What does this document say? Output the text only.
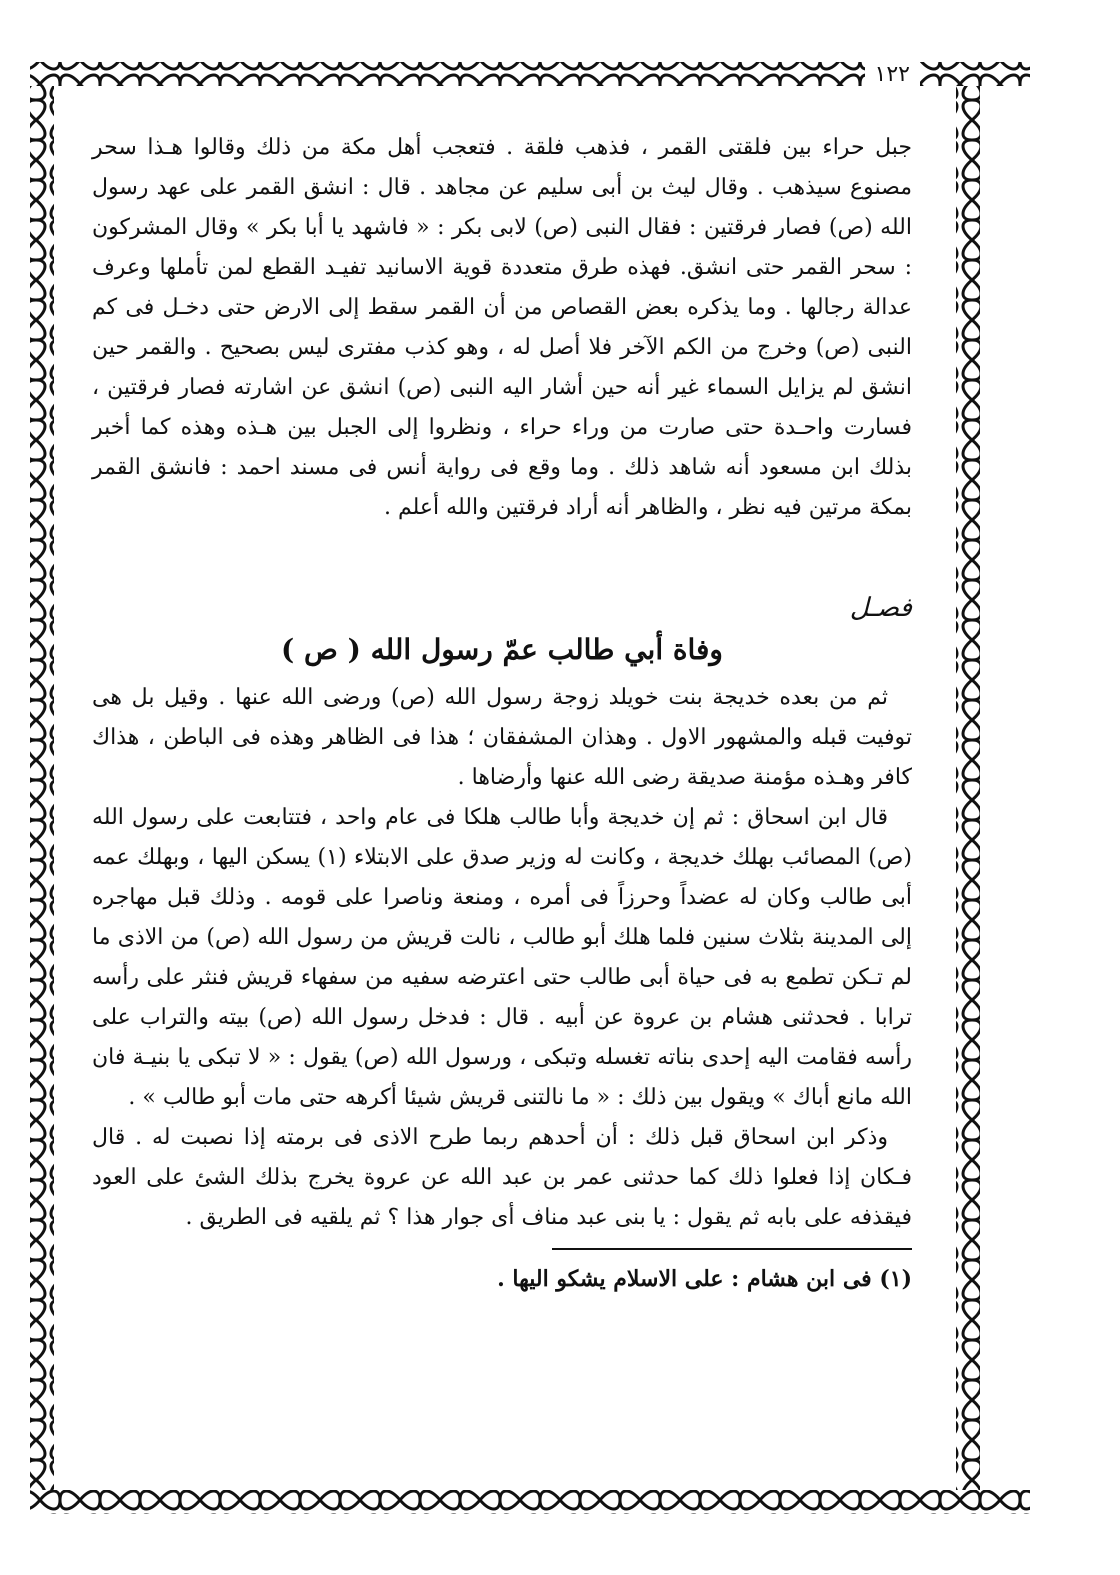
١٢٢

جبل حراء بين فلقتى القمر ، فذهب فلقة . فتعجب أهل مكة من ذلك وقالوا هـذا سحر مصنوع سيذهب . وقال ليث بن أبى سليم عن مجاهد . قال : انشق القمر على عهد رسول الله (ص) فصار فرقتين : فقال النبى (ص) لابى بكر : « فاشهد يا أبا بكر » وقال المشركون : سحر القمر حتى انشق. فهذه طرق متعددة قوية الاسانيد تفيـد القطع لمن تأملها وعرف عدالة رجالها . وما يذكره بعض القصاص من أن القمر سقط إلى الارض حتى دخـل فى كم النبى (ص) وخرج من الكم الآخر فلا أصل له ، وهو كذب مفترى ليس بصحيح . والقمر حين انشق لم يزايل السماء غير أنه حين أشار اليه النبى (ص) انشق عن اشارته فصار فرقتين ، فسارت واحـدة حتى صارت من وراء حراء ، ونظروا إلى الجبل بين هـذه وهذه كما أخبر بذلك ابن مسعود أنه شاهد ذلك . وما وقع فى رواية أنس فى مسند احمد : فانشق القمر بمكة مرتين فيه نظر ، والظاهر أنه أراد فرقتين والله أعلم .

فصـل
وفاة أبي طالب عمّ رسول الله ( ص )

ثم من بعده خديجة بنت خويلد زوجة رسول الله (ص) ورضى الله عنها . وقيل بل هى توفيت قبله والمشهور الاول . وهذان المشفقان ؛ هذا فى الظاهر وهذه فى الباطن ، هذاك كافر وهـذه مؤمنة صديقة رضى الله عنها وأرضاها .

قال ابن اسحاق : ثم إن خديجة وأبا طالب هلكا فى عام واحد ، فتتابعت على رسول الله (ص) المصائب بهلك خديجة ، وكانت له وزير صدق على الابتلاء (١) يسكن اليها ، وبهلك عمه أبى طالب وكان له عضداً وحرزاً فى أمره ، ومنعة وناصرا على قومه . وذلك قبل مهاجره إلى المدينة بثلاث سنين فلما هلك أبو طالب ، نالت قريش من رسول الله (ص) من الاذى ما لم تـكن تطمع به فى حياة أبى طالب حتى اعترضه سفيه من سفهاء قريش فنثر على رأسه ترابا . فحدثنى هشام بن عروة عن أبيه . قال : فدخل رسول الله (ص) بيته والتراب على رأسه فقامت اليه إحدى بناته تغسله وتبكى ، ورسول الله (ص) يقول : « لا تبكى يا بنيـة فان الله مانع أباك » ويقول بين ذلك : « ما نالتنى قريش شيئا أكرهه حتى مات أبو طالب » .

وذكر ابن اسحاق قبل ذلك : أن أحدهم ربما طرح الاذى فى برمته إذا نصبت له . قال فـكان إذا فعلوا ذلك كما حدثنى عمر بن عبد الله عن عروة يخرج بذلك الشئ على العود فيقذفه على بابه ثم يقول : يا بنى عبد مناف أى جوار هذا ؟ ثم يلقيه فى الطريق .

(١) فى ابن هشام : على الاسلام يشكو اليها .
